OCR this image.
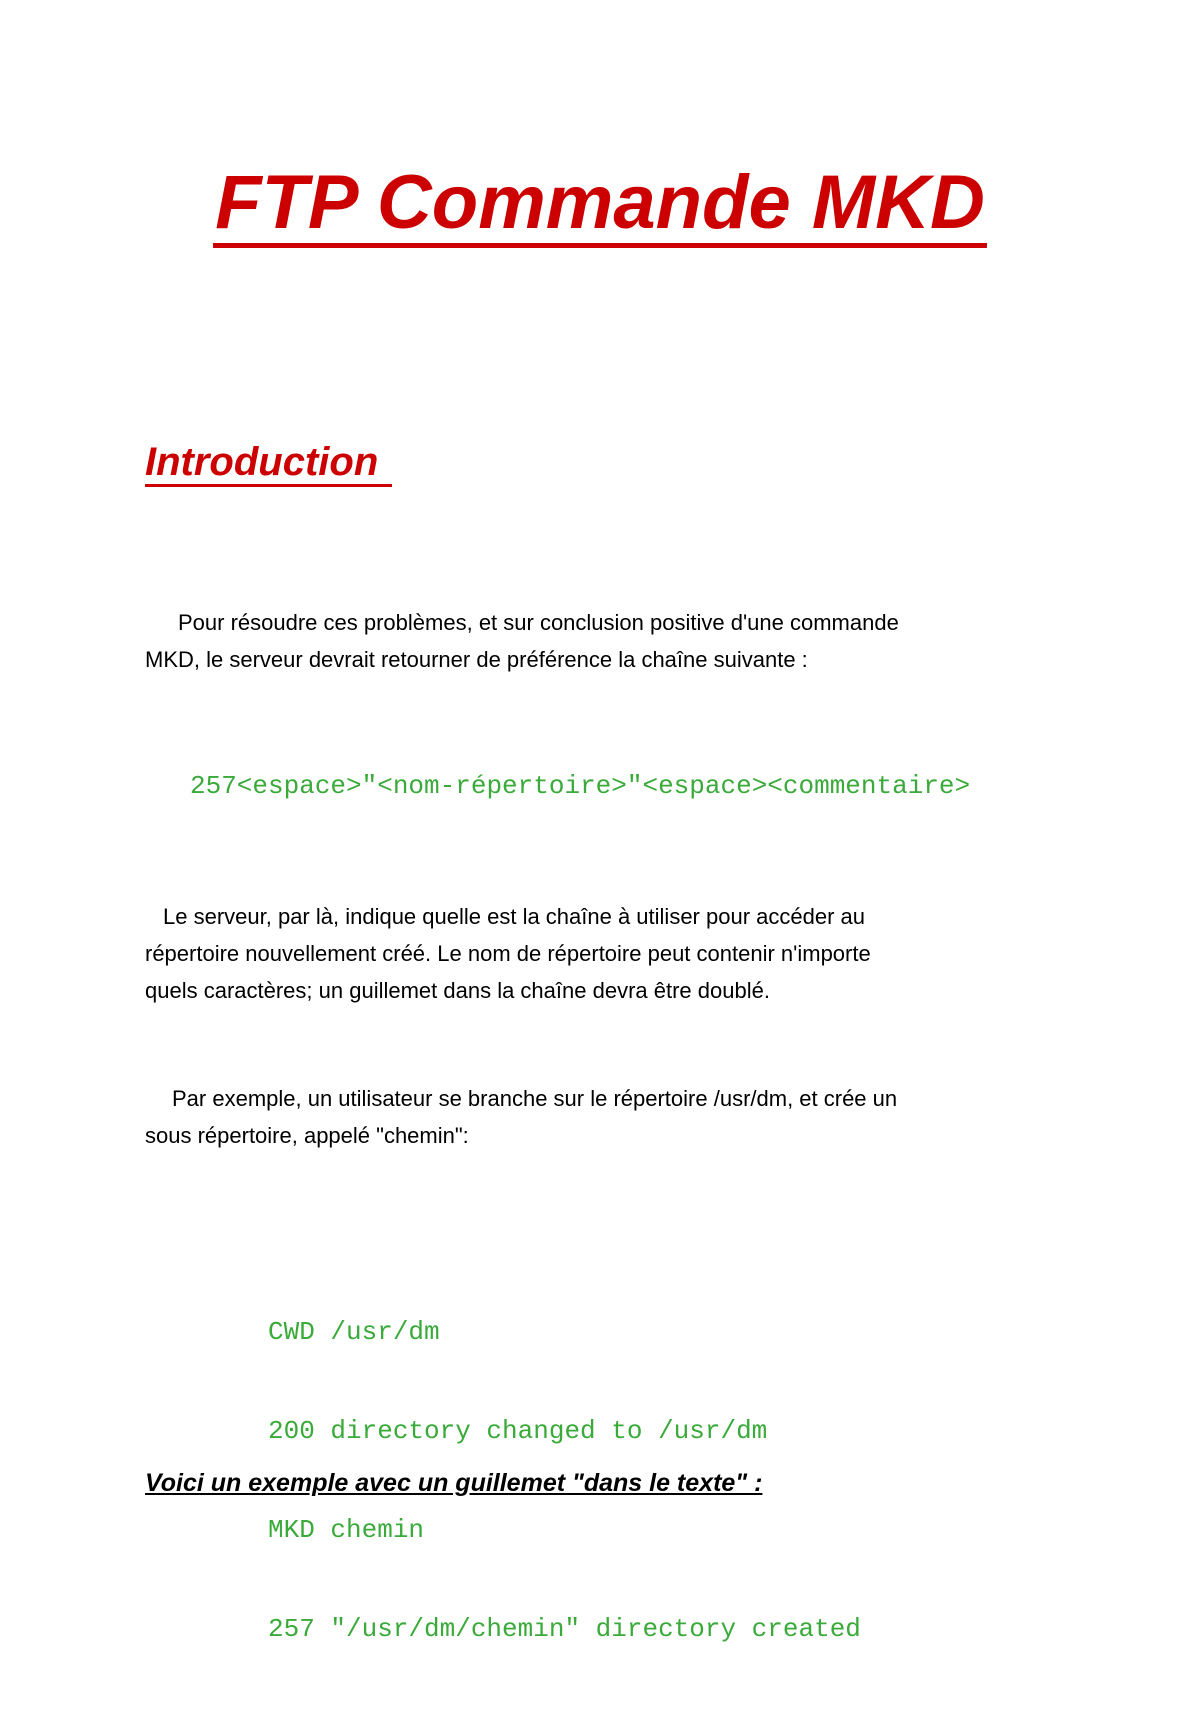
FTP Commande MKD
Introduction

Pour résoudre ces problèmes, et sur conclusion positive d'une commande

MKD, le serveur devrait retourner de préférence la chaîne suivante :

257<espace>"<nom-répertoire>"<espace><commentaire>

Le serveur, par là, indique quelle est la chaîne à utiliser pour accéder au

répertoire nouvellement créé. Le nom de répertoire peut contenir n'importe

quels caractères; un guillemet dans la chaîne devra être doublé.

Par exemple, un utilisateur se branche sur le répertoire /usr/dm, et crée un

sous répertoire, appelé "chemin":

CWD /usr/dm

200 directory changed to /usr/dm

MKD chemin

257 "/usr/dm/chemin" directory created

Voici un exemple avec un guillemet "dans le texte" :
